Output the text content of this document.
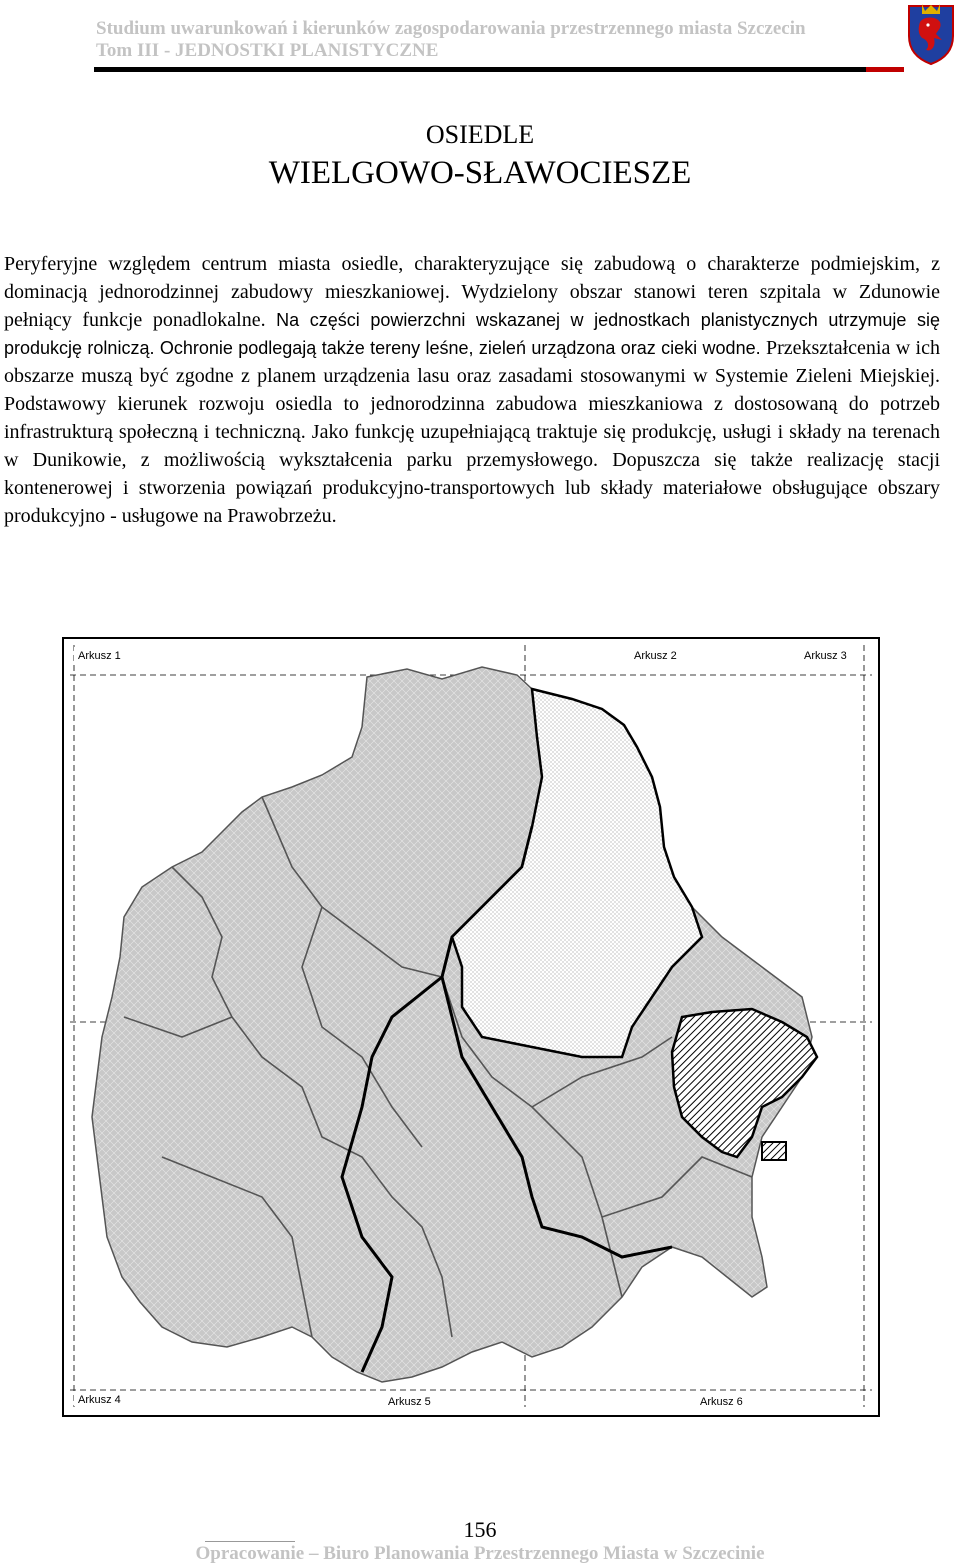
Studium uwarunkowań i kierunków zagospodarowania przestrzennego miasta Szczecin
Tom III - JEDNOSTKI PLANISTYCZNE
OSIEDLE
WIELGOWO-SŁAWOCIESZE
Peryferyjne względem centrum miasta osiedle, charakteryzujące się zabudową o charakterze podmiejskim, z dominacją jednorodzinnej zabudowy mieszkaniowej. Wydzielony obszar stanowi teren szpitala w Zdunowie pełniący funkcje ponadlokalne. Na części powierzchni wskazanej w jednostkach planistycznych utrzymuje się produkcję rolniczą. Ochronie podlegają także tereny leśne, zieleń urządzona oraz cieki wodne. Przekształcenia w ich obszarze muszą być zgodne z planem urządzenia lasu oraz zasadami stosowanymi w Systemie Zieleni Miejskiej. Podstawowy kierunek rozwoju osiedla to jednorodzinna zabudowa mieszkaniowa z dostosowaną do potrzeb infrastrukturą społeczną i techniczną. Jako funkcję uzupełniającą traktuje się produkcję, usługi i składy na terenach w Dunikowie, z możliwością wykształcenia parku przemysłowego. Dopuszcza się także realizację stacji kontenerowej i stworzenia powiązań produkcyjno-transportowych lub składy materiałowe obsługujące obszary produkcyjno - usługowe na Prawobrzeżu.
Arkusz 1	Arkusz 2	Arkusz 3
Arkusz 4	Arkusz 5	Arkusz 6
156
Opracowanie – Biuro Planowania Przestrzennego Miasta w Szczecinie
